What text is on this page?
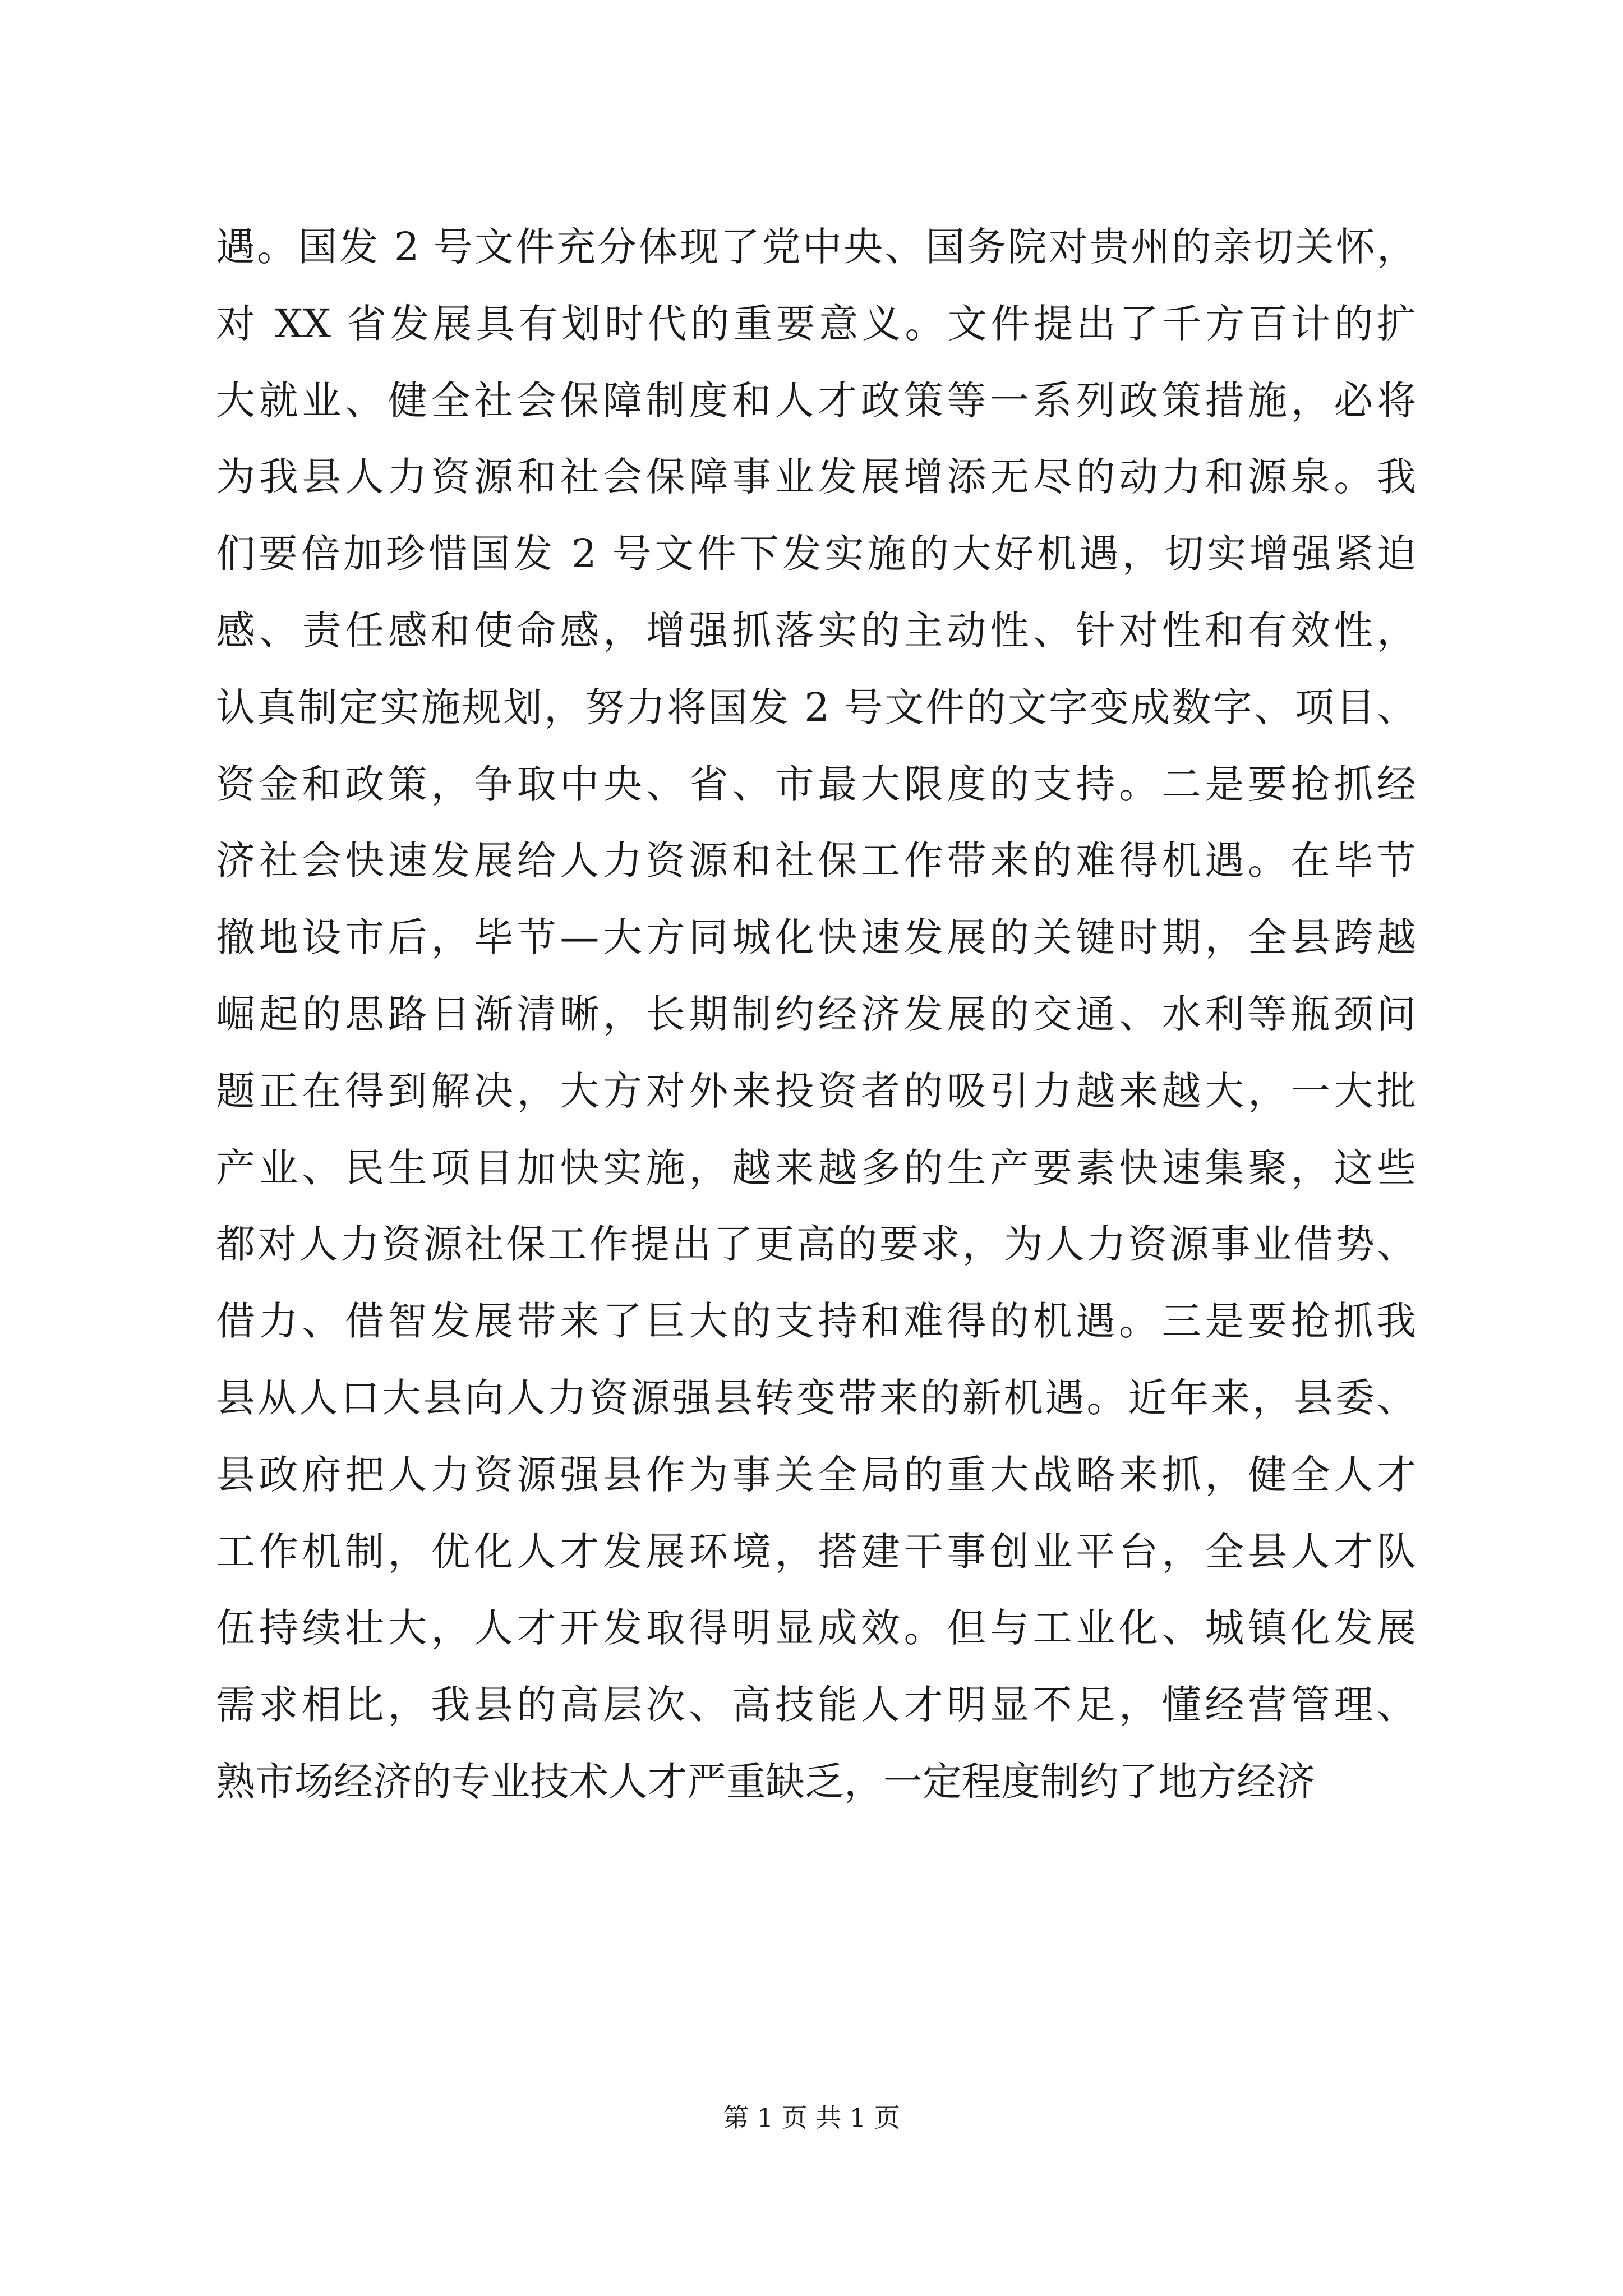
遇。国发 2 号文件充分体现了党中央、国务院对贵州的亲切关怀，
对 XX 省发展具有划时代的重要意义。文件提出了千方百计的扩
大就业、健全社会保障制度和人才政策等一系列政策措施，必将
为我县人力资源和社会保障事业发展增添无尽的动力和源泉。我
们要倍加珍惜国发 2 号文件下发实施的大好机遇，切实增强紧迫
感、责任感和使命感，增强抓落实的主动性、针对性和有效性，
认真制定实施规划，努力将国发 2 号文件的文字变成数字、项目、
资金和政策，争取中央、省、市最大限度的支持。二是要抢抓经
济社会快速发展给人力资源和社保工作带来的难得机遇。在毕节
撤地设市后，毕节—大方同城化快速发展的关键时期，全县跨越
崛起的思路日渐清晰，长期制约经济发展的交通、水利等瓶颈问
题正在得到解决，大方对外来投资者的吸引力越来越大，一大批
产业、民生项目加快实施，越来越多的生产要素快速集聚，这些
都对人力资源社保工作提出了更高的要求，为人力资源事业借势、
借力、借智发展带来了巨大的支持和难得的机遇。三是要抢抓我
县从人口大县向人力资源强县转变带来的新机遇。近年来，县委、
县政府把人力资源强县作为事关全局的重大战略来抓，健全人才
工作机制，优化人才发展环境，搭建干事创业平台，全县人才队
伍持续壮大，人才开发取得明显成效。但与工业化、城镇化发展
需求相比，我县的高层次、高技能人才明显不足，懂经营管理、
熟市场经济的专业技术人才严重缺乏，一定程度制约了地方经济
第 1 页 共 1 页
